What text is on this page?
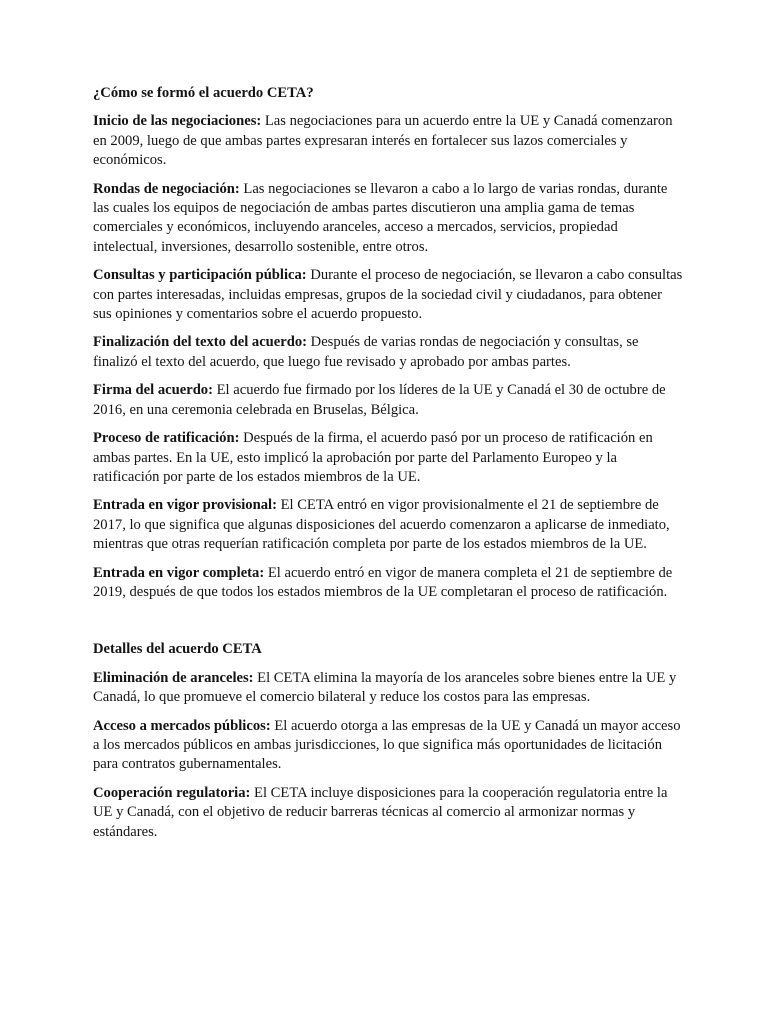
¿Cómo se formó el acuerdo CETA?

Inicio de las negociaciones: Las negociaciones para un acuerdo entre la UE y Canadá comenzaron en 2009, luego de que ambas partes expresaran interés en fortalecer sus lazos comerciales y económicos.

Rondas de negociación: Las negociaciones se llevaron a cabo a lo largo de varias rondas, durante las cuales los equipos de negociación de ambas partes discutieron una amplia gama de temas comerciales y económicos, incluyendo aranceles, acceso a mercados, servicios, propiedad intelectual, inversiones, desarrollo sostenible, entre otros.

Consultas y participación pública: Durante el proceso de negociación, se llevaron a cabo consultas con partes interesadas, incluidas empresas, grupos de la sociedad civil y ciudadanos, para obtener sus opiniones y comentarios sobre el acuerdo propuesto.

Finalización del texto del acuerdo: Después de varias rondas de negociación y consultas, se finalizó el texto del acuerdo, que luego fue revisado y aprobado por ambas partes.

Firma del acuerdo: El acuerdo fue firmado por los líderes de la UE y Canadá el 30 de octubre de 2016, en una ceremonia celebrada en Bruselas, Bélgica.

Proceso de ratificación: Después de la firma, el acuerdo pasó por un proceso de ratificación en ambas partes. En la UE, esto implicó la aprobación por parte del Parlamento Europeo y la ratificación por parte de los estados miembros de la UE.

Entrada en vigor provisional: El CETA entró en vigor provisionalmente el 21 de septiembre de 2017, lo que significa que algunas disposiciones del acuerdo comenzaron a aplicarse de inmediato, mientras que otras requerían ratificación completa por parte de los estados miembros de la UE.

Entrada en vigor completa: El acuerdo entró en vigor de manera completa el 21 de septiembre de 2019, después de que todos los estados miembros de la UE completaran el proceso de ratificación.

Detalles del acuerdo CETA

Eliminación de aranceles: El CETA elimina la mayoría de los aranceles sobre bienes entre la UE y Canadá, lo que promueve el comercio bilateral y reduce los costos para las empresas.

Acceso a mercados públicos: El acuerdo otorga a las empresas de la UE y Canadá un mayor acceso a los mercados públicos en ambas jurisdicciones, lo que significa más oportunidades de licitación para contratos gubernamentales.

Cooperación regulatoria: El CETA incluye disposiciones para la cooperación regulatoria entre la UE y Canadá, con el objetivo de reducir barreras técnicas al comercio al armonizar normas y estándares.
